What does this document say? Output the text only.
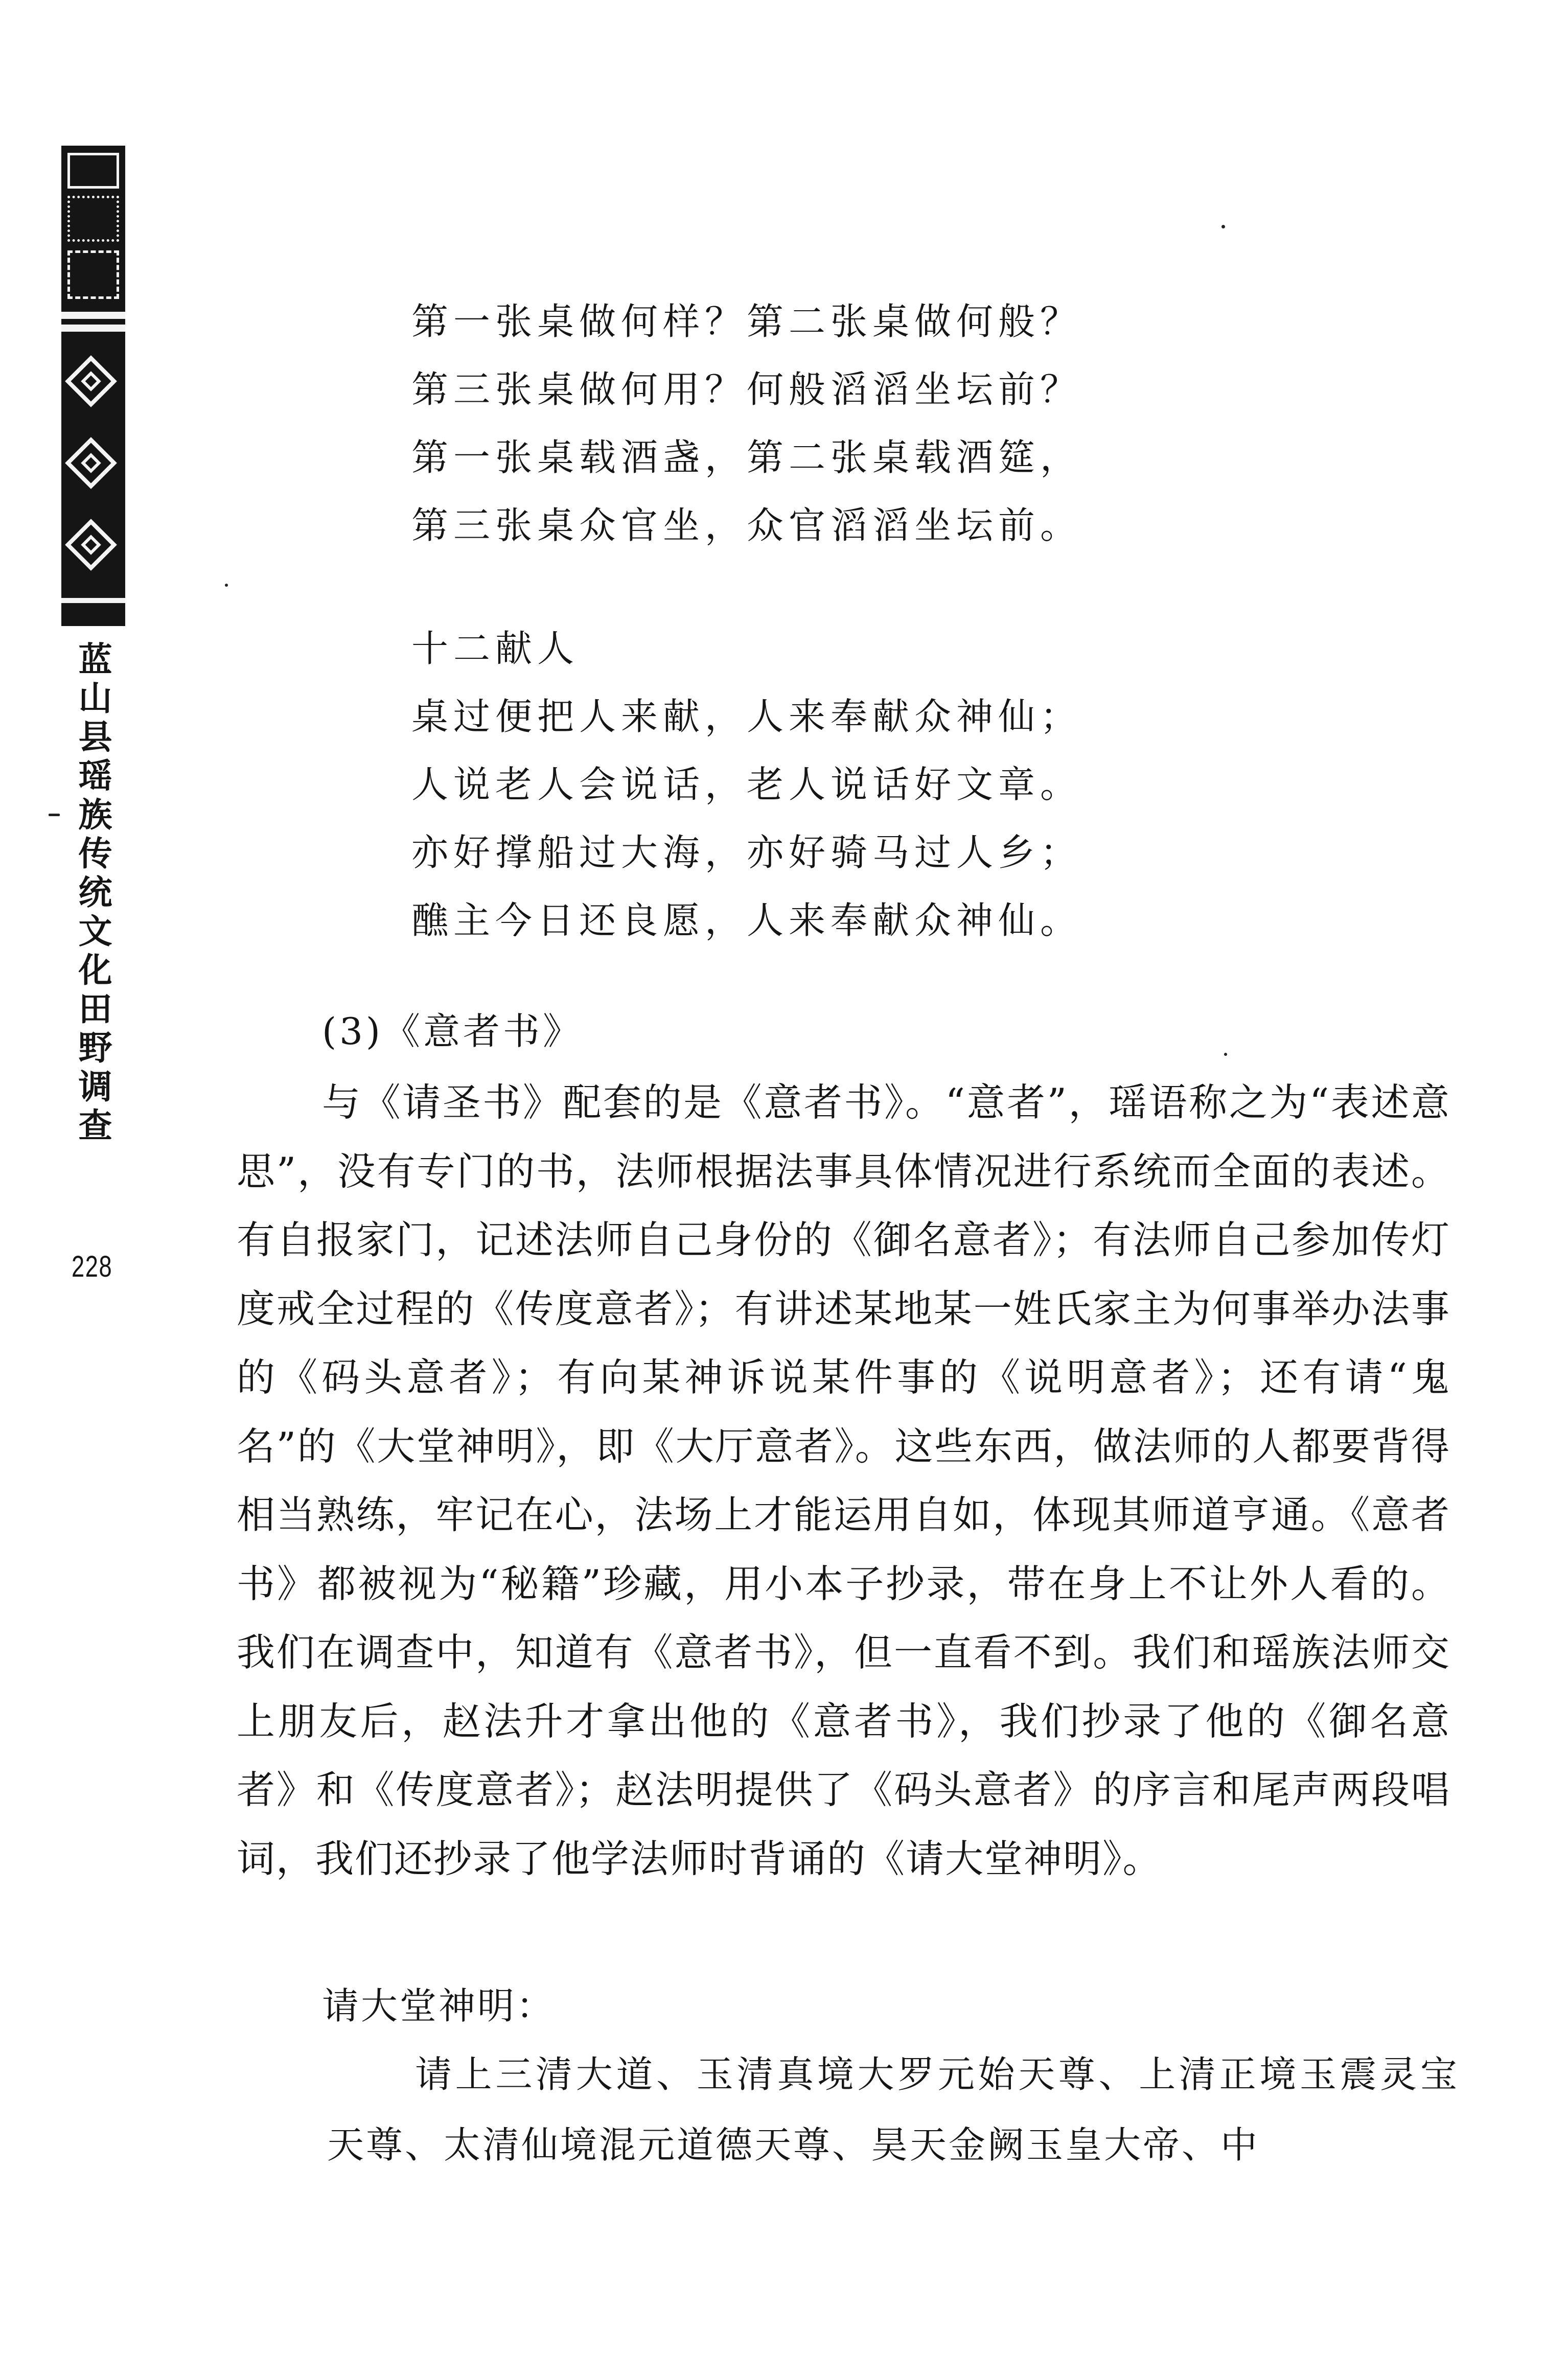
蓝山县瑶族传统文化田野调查
228
第一张桌做何样？第二张桌做何般？
第三张桌做何用？何般滔滔坐坛前？
第一张桌载酒盏，第二张桌载酒筵，
第三张桌众官坐，众官滔滔坐坛前。
十二献人
桌过便把人来献，人来奉献众神仙；
人说老人会说话，老人说话好文章。
亦好撑船过大海，亦好骑马过人乡；
醮主今日还良愿，人来奉献众神仙。
(3)《意者书》

与《请圣书》配套的是《意者书》。“意者”，瑶语称之为“表述意思”，没有专门的书，法师根据法事具体情况进行系统而全面的表述。有自报家门，记述法师自己身份的《御名意者》；有法师自己参加传灯度戒全过程的《传度意者》；有讲述某地某一姓氏家主为何事举办法事的《码头意者》；有向某神诉说某件事的《说明意者》；还有请“鬼名”的《大堂神明》，即《大厅意者》。这些东西，做法师的人都要背得相当熟练，牢记在心，法场上才能运用自如，体现其师道亨通。《意者书》都被视为“秘籍”珍藏，用小本子抄录，带在身上不让外人看的。我们在调查中，知道有《意者书》，但一直看不到。我们和瑶族法师交上朋友后，赵法升才拿出他的《意者书》，我们抄录了他的《御名意者》和《传度意者》；赵法明提供了《码头意者》的序言和尾声两段唱词，我们还抄录了他学法师时背诵的《请大堂神明》。

请大堂神明：

请上三清大道、玉清真境大罗元始天尊、上清正境玉震灵宝天尊、太清仙境混元道德天尊、昊天金阙玉皇大帝、中
